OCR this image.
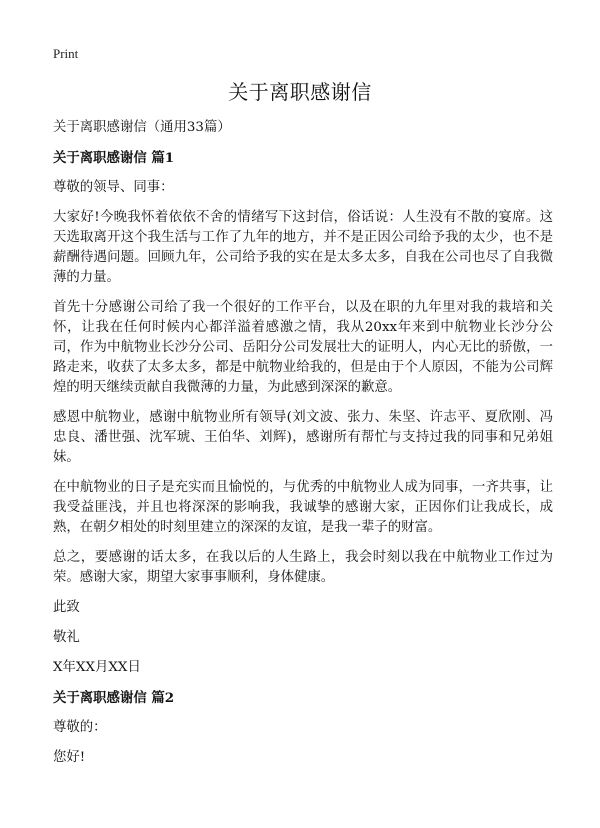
Print
关于离职感谢信

关于离职感谢信（通用33篇）

关于离职感谢信 篇1

尊敬的领导、同事：

大家好!今晚我怀着依依不舍的情绪写下这封信，俗话说：人生没有不散的宴席。这天选取离开这个我生活与工作了九年的地方，并不是正因公司给予我的太少，也不是薪酬待遇问题。回顾九年，公司给予我的实在是太多太多，自我在公司也尽了自我微薄的力量。

首先十分感谢公司给了我一个很好的工作平台，以及在职的九年里对我的栽培和关怀，让我在任何时候内心都洋溢着感激之情，我从20xx年来到中航物业长沙分公司，作为中航物业长沙分公司、岳阳分公司发展壮大的证明人，内心无比的骄傲，一路走来，收获了太多太多，都是中航物业给我的，但是由于个人原因，不能为公司辉煌的明天继续贡献自我微薄的力量，为此感到深深的歉意。

感恩中航物业，感谢中航物业所有领导(刘文波、张力、朱坚、许志平、夏欣刚、冯忠良、潘世强、沈军琥、王伯华、刘辉)，感谢所有帮忙与支持过我的同事和兄弟姐妹。

在中航物业的日子是充实而且愉悦的，与优秀的中航物业人成为同事，一齐共事，让我受益匪浅，并且也将深深的影响我，我诚挚的感谢大家，正因你们让我成长，成熟，在朝夕相处的时刻里建立的深深的友谊，是我一辈子的财富。

总之，要感谢的话太多，在我以后的人生路上，我会时刻以我在中航物业工作过为荣。感谢大家，期望大家事事顺利，身体健康。

此致

敬礼

X年XX月XX日

关于离职感谢信 篇2

尊敬的：

您好!
